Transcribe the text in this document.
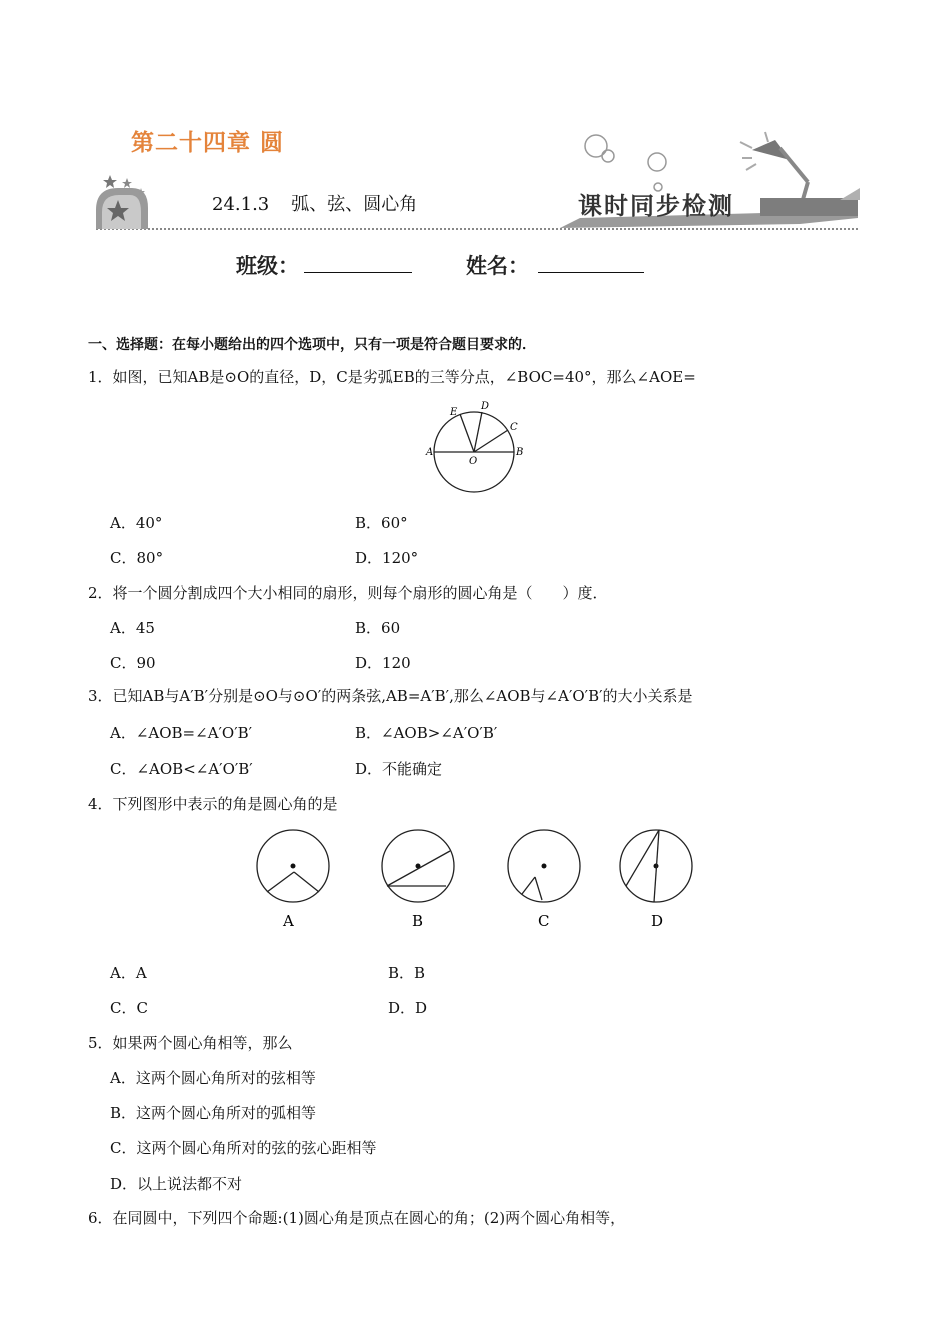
第二十四章 圆
24.1.3 弧、弦、圆心角	课时同步检测
班级：	姓名：
一、选择题：在每小题给出的四个选项中，只有一项是符合题目要求的．
1．如图，已知AB是⊙O的直径，D，C是劣弧EB的三等分点，∠BOC=40°，那么∠AOE=
E
D
C
A	B
O
A．40°	B．60°
C．80°	D．120°
2．将一个圆分割成四个大小相同的扇形，则每个扇形的圆心角是（　　）度．
A．45	B．60
C．90	D．120
3．已知AB与A′B′分别是⊙O与⊙O′的两条弦,AB=A′B′,那么∠AOB与∠A′O′B′的大小关系是
A．∠AOB=∠A′O′B′	B．∠AOB>∠A′O′B′
C．∠AOB<∠A′O′B′	D．不能确定
4．下列图形中表示的角是圆心角的是
A	B	C	D
A．A	B．B
C．C	D．D
5．如果两个圆心角相等，那么
A．这两个圆心角所对的弦相等
B．这两个圆心角所对的弧相等
C．这两个圆心角所对的弦的弦心距相等
D．以上说法都不对
6．在同圆中，下列四个命题:(1)圆心角是顶点在圆心的角；(2)两个圆心角相等，
